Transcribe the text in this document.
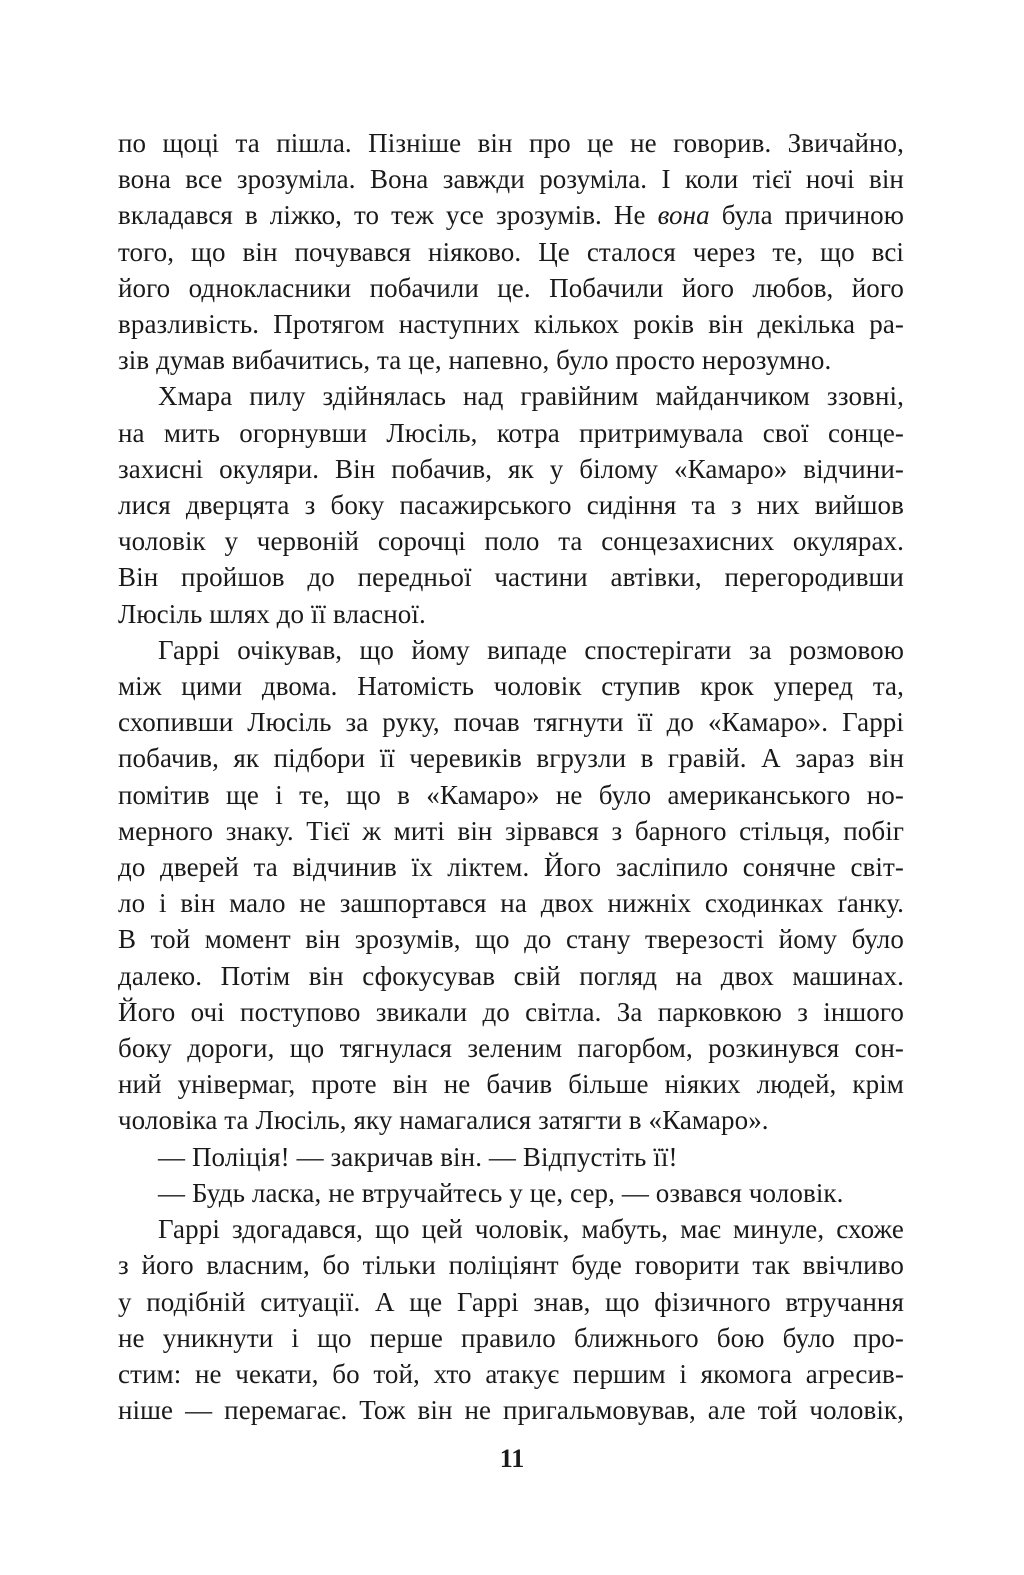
по щоці та пішла. Пізніше він про це не говорив. Звичайно,
вона все зрозуміла. Вона завжди розуміла. І коли тієї ночі він
вкладався в ліжко, то теж усе зрозумів. Не вона була причиною
того, що він почувався ніяково. Це сталося через те, що всі
його однокласники побачили це. Побачили його любов, його
вразливість. Протягом наступних кількох років він декілька ра-
зів думав вибачитись, та це, напевно, було просто нерозумно.

Хмара пилу здійнялась над гравійним майданчиком ззовні,
на мить огорнувши Люсіль, котра притримувала свої сонце-
захисні окуляри. Він побачив, як у білому «Камаро» відчини-
лися дверцята з боку пасажирського сидіння та з них вийшов
чоловік у червоній сорочці поло та сонцезахисних окулярах.
Він пройшов до передньої частини автівки, перегородивши
Люсіль шлях до її власної.

Гаррі очікував, що йому випаде спостерігати за розмовою
між цими двома. Натомість чоловік ступив крок уперед та,
схопивши Люсіль за руку, почав тягнути її до «Камаро». Гаррі
побачив, як підбори її черевиків вгрузли в гравій. А зараз він
помітив ще і те, що в «Камаро» не було американського но-
мерного знаку. Тієї ж миті він зірвався з барного стільця, побіг
до дверей та відчинив їх ліктем. Його засліпило сонячне світ-
ло і він мало не зашпортався на двох нижніх сходинках ґанку.
В той момент він зрозумів, що до стану тверезості йому було
далеко. Потім він сфокусував свій погляд на двох машинах.
Його очі поступово звикали до світла. За парковкою з іншого
боку дороги, що тягнулася зеленим пагорбом, розкинувся сон-
ний універмаг, проте він не бачив більше ніяких людей, крім
чоловіка та Люсіль, яку намагалися затягти в «Камаро».

— Поліція! — закричав він. — Відпустіть її!

— Будь ласка, не втручайтесь у це, сер, — озвався чоловік.

Гаррі здогадався, що цей чоловік, мабуть, має минуле, схоже
з його власним, бо тільки поліціянт буде говорити так ввічливо
у подібній ситуації. А ще Гаррі знав, що фізичного втручання
не уникнути і що перше правило ближнього бою було про-
стим: не чекати, бо той, хто атакує першим і якомога агресив-
ніше — перемагає. Тож він не пригальмовував, але той чоловік,

11
